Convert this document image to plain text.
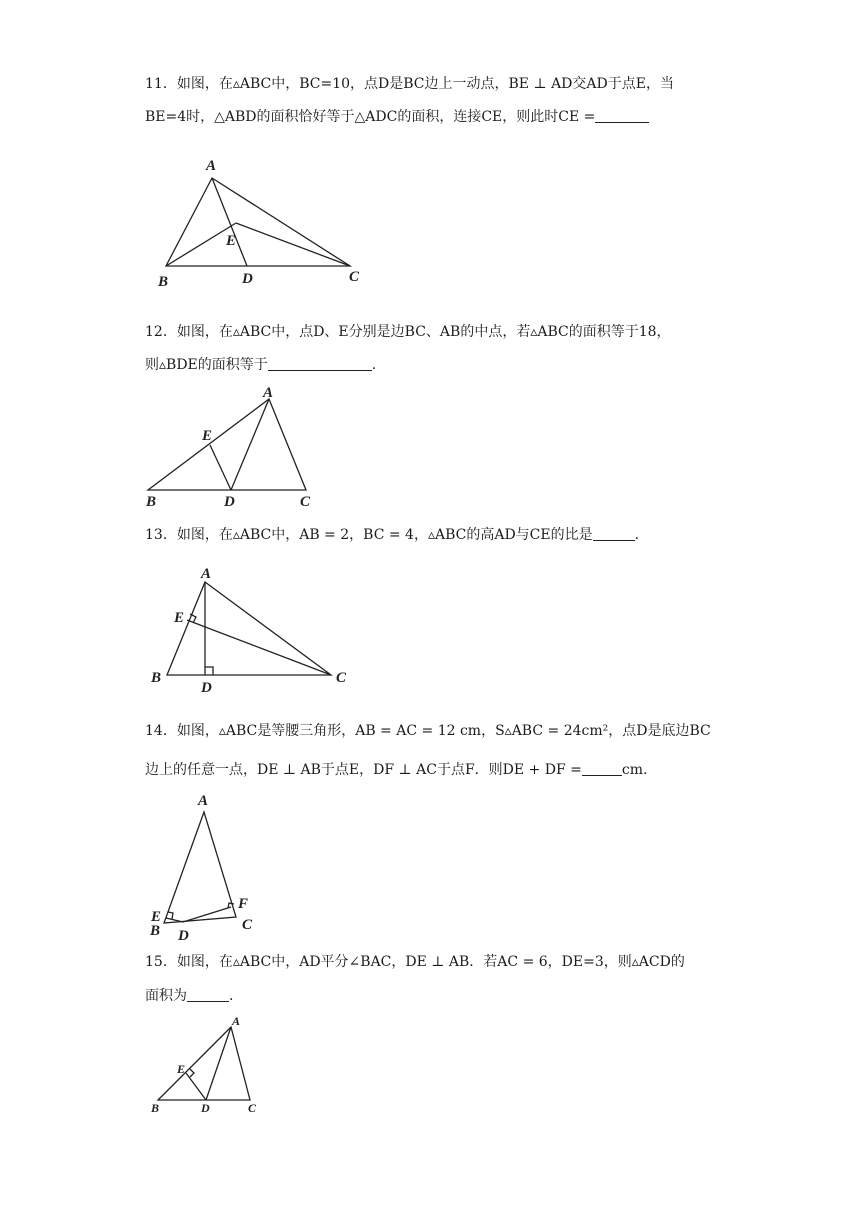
11．如图，在▵ABC中，BC=10，点D是BC边上一动点，BE ⊥ AD交AD于点E，当
BE=4时，△ABD的面积恰好等于△ADC的面积，连接CE，则此时CE =
A
B	C
D
E
12．如图，在▵ABC中，点D、E分别是边BC、AB的中点，若▵ABC的面积等于18，
则▵BDE的面积等于	.
A
B	C
D
E
13．如图，在▵ABC中，AB = 2，BC = 4，▵ABC的高AD与CE的比是	.
A
B	C
D
E
14．如图，▵ABC是等腰三角形，AB = AC = 12 cm，S▵ABC = 24cm²，点D是底边BC
边上的任意一点，DE ⊥ AB于点E，DF ⊥ AC于点F．则DE + DF =	cm.
A
B	C
D
E
F
15．如图，在▵ABC中，AD平分∠BAC，DE ⊥ AB．若AC = 6，DE=3，则▵ACD的
面积为	.
A
B	C
D
E
